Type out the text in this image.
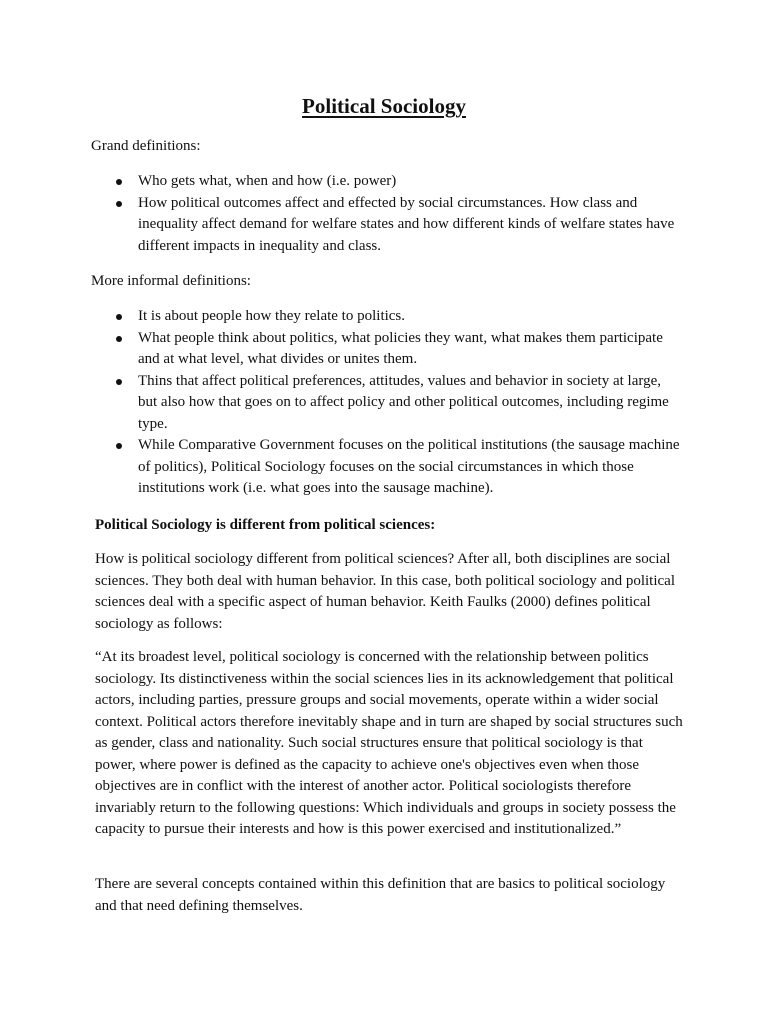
Political Sociology

Grand definitions:

Who gets what, when and how (i.e. power)
How political outcomes affect and effected by social circumstances. How class and inequality affect demand for welfare states and how different kinds of welfare states have different impacts in inequality and class.

More informal definitions:

It is about people how they relate to politics.
What people think about politics, what policies they want, what makes them participate and at what level, what divides or unites them.
Thins that affect political preferences, attitudes, values and behavior in society at large, but also how that goes on to affect policy and other political outcomes, including regime type.
While Comparative Government focuses on the political institutions (the sausage machine of politics), Political Sociology focuses on the social circumstances in which those institutions work (i.e. what goes into the sausage machine).
Political Sociology is different from political sciences:

How is political sociology different from political sciences? After all, both disciplines are social sciences. They both deal with human behavior. In this case, both political sociology and political sciences deal with a specific aspect of human behavior. Keith Faulks (2000) defines political sociology as follows:

“At its broadest level, political sociology is concerned with the relationship between politics sociology. Its distinctiveness within the social sciences lies in its acknowledgement that political actors, including parties, pressure groups and social movements, operate within a wider social context. Political actors therefore inevitably shape and in turn are shaped by social structures such as gender, class and nationality. Such social structures ensure that political sociology is that power, where power is defined as the capacity to achieve one's objectives even when those objectives are in conflict with the interest of another actor. Political sociologists therefore invariably return to the following questions: Which individuals and groups in society possess the capacity to pursue their interests and how is this power exercised and institutionalized.”

There are several concepts contained within this definition that are basics to political sociology and that need defining themselves.
